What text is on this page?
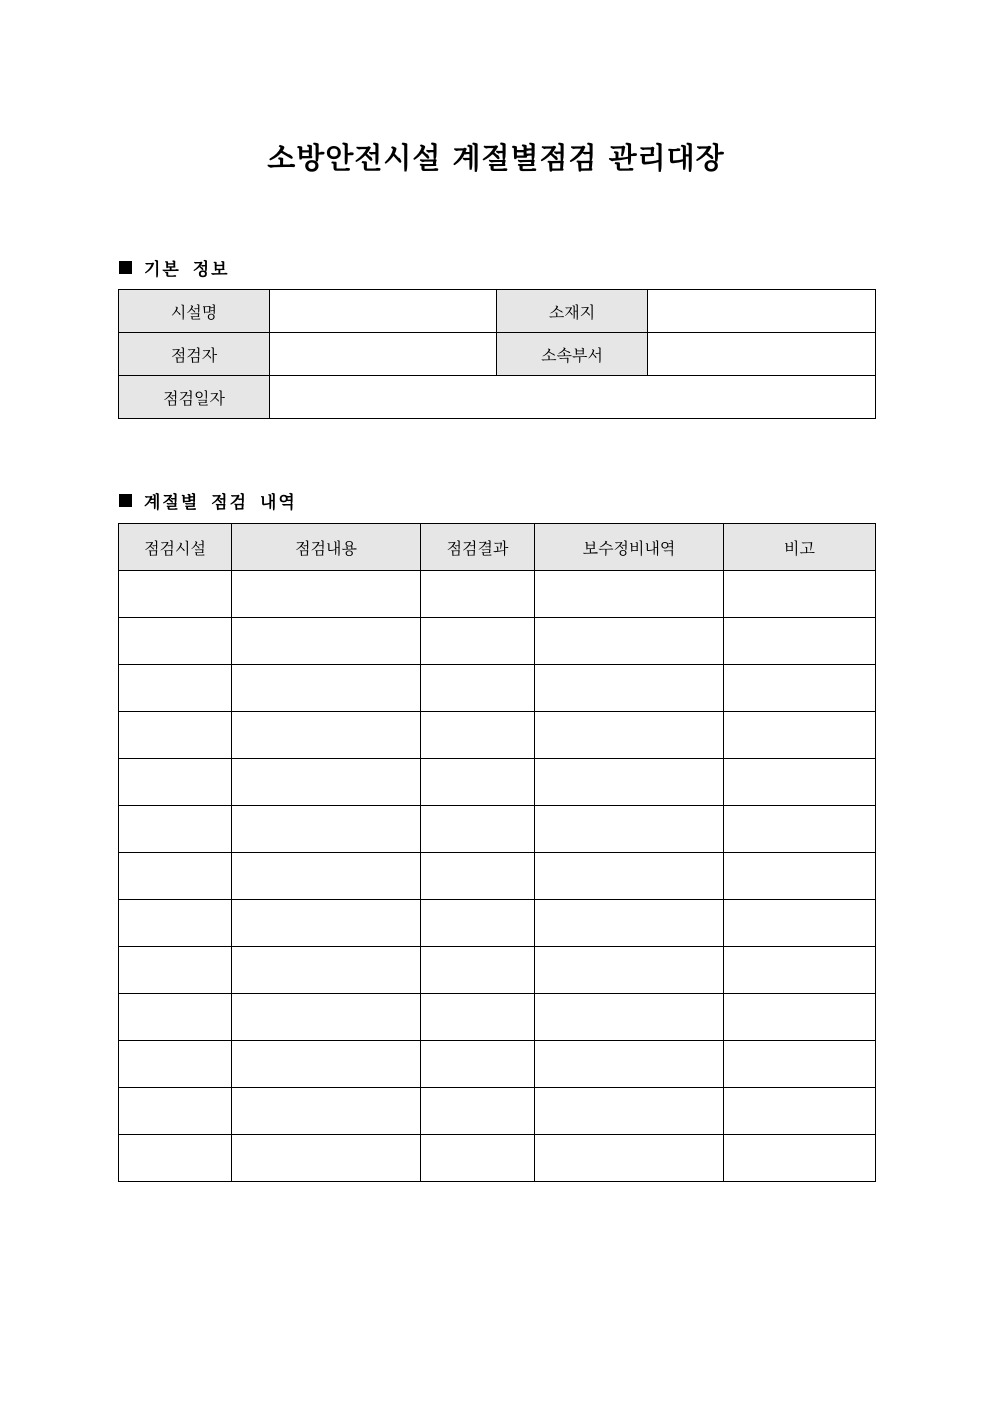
소방안전시설 계절별점검 관리대장
기본 정보
시설명		소재지	
점검자		소속부서	
점검일자			
계절별 점검 내역
점검시설	점검내용	점검결과	보수정비내역	비고
